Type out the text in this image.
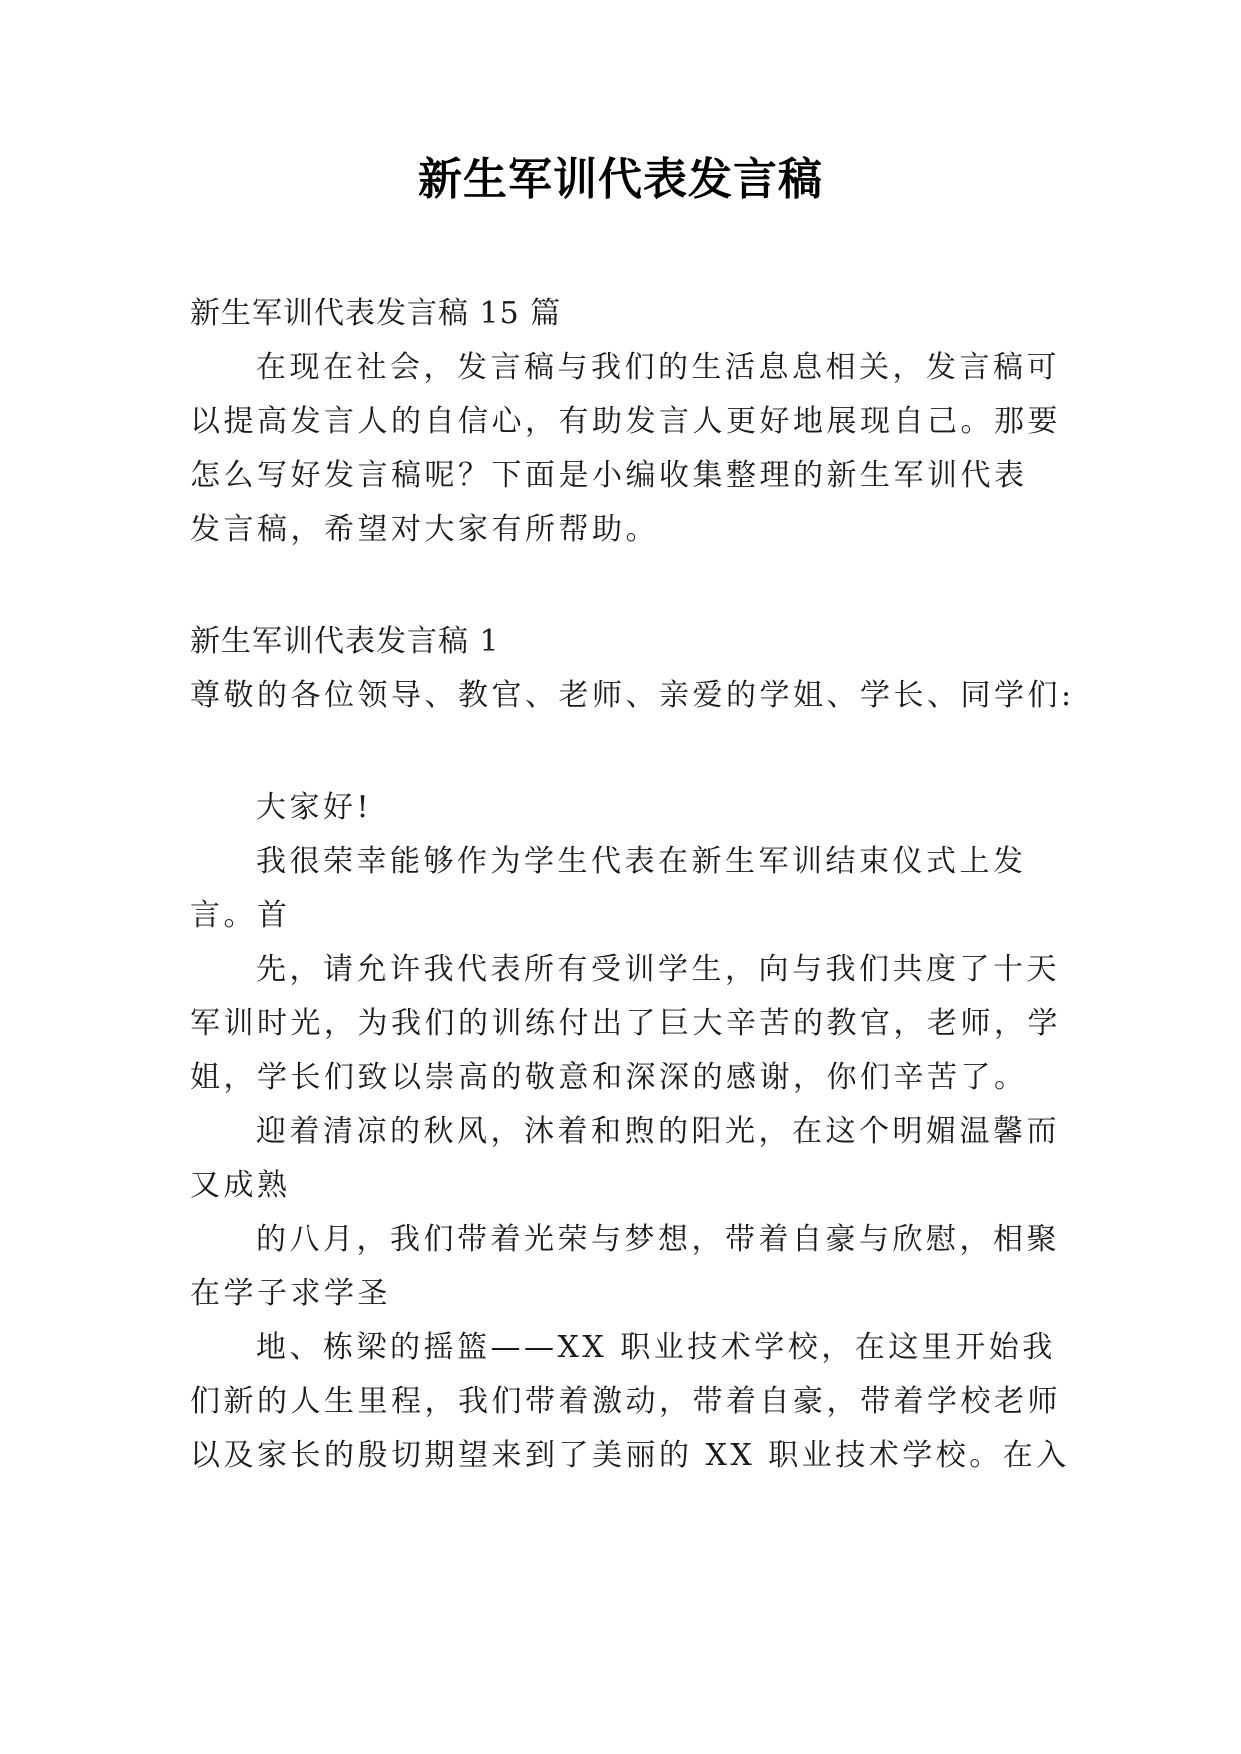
新生军训代表发言稿
新生军训代表发言稿 15 篇
在现在社会，发言稿与我们的生活息息相关，发言稿可
以提高发言人的自信心，有助发言人更好地展现自己。那要
怎么写好发言稿呢？下面是小编收集整理的新生军训代表
发言稿，希望对大家有所帮助。
新生军训代表发言稿 1
尊敬的各位领导、教官、老师、亲爱的学姐、学长、同学们:
大家好!
我很荣幸能够作为学生代表在新生军训结束仪式上发
言。首
先，请允许我代表所有受训学生，向与我们共度了十天
军训时光，为我们的训练付出了巨大辛苦的教官，老师，学
姐，学长们致以崇高的敬意和深深的感谢，你们辛苦了。
迎着清凉的秋风，沐着和煦的阳光，在这个明媚温馨而
又成熟
的八月，我们带着光荣与梦想，带着自豪与欣慰，相聚
在学子求学圣
地、栋梁的摇篮——XX 职业技术学校，在这里开始我
们新的人生里程，我们带着激动，带着自豪，带着学校老师
以及家长的殷切期望来到了美丽的 XX 职业技术学校。在入
